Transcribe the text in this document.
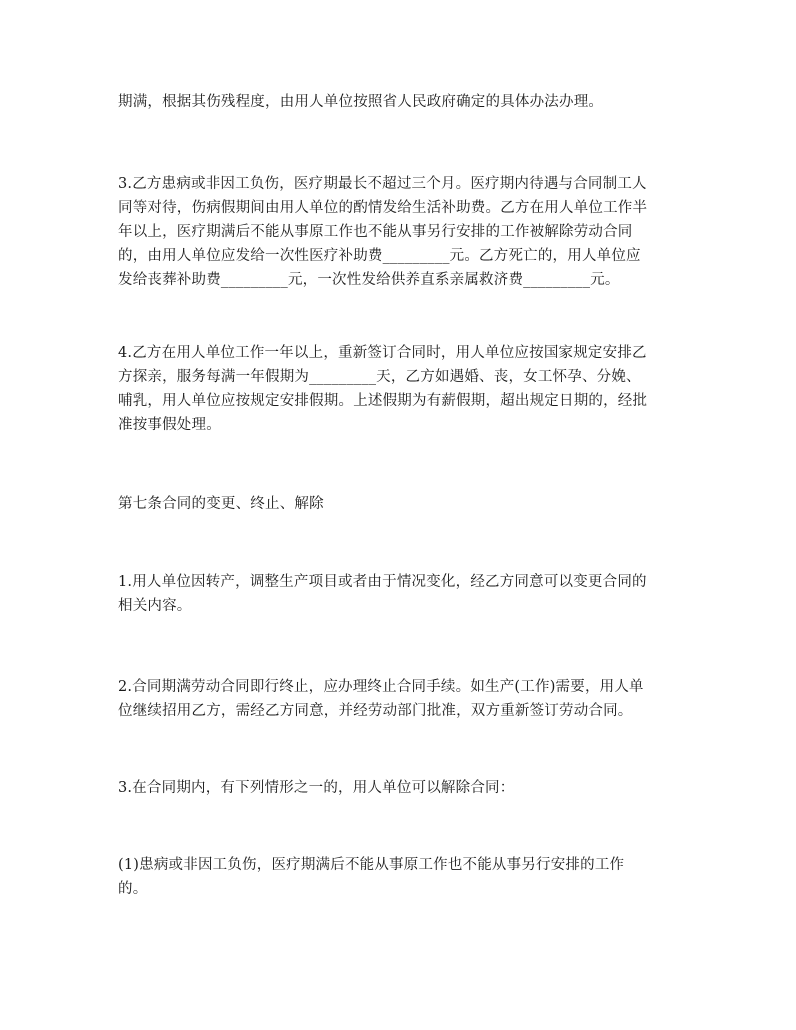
期满，根据其伤残程度，由用人单位按照省人民政府确定的具体办法办理。

3.乙方患病或非因工负伤，医疗期最长不超过三个月。医疗期内待遇与合同制工人
同等对待，伤病假期间由用人单位的酌情发给生活补助费。乙方在用人单位工作半
年以上，医疗期满后不能从事原工作也不能从事另行安排的工作被解除劳动合同
的，由用人单位应发给一次性医疗补助费_________元。乙方死亡的，用人单位应
发给丧葬补助费_________元，一次性发给供养直系亲属救济费_________元。

4.乙方在用人单位工作一年以上，重新签订合同时，用人单位应按国家规定安排乙
方探亲，服务每满一年假期为_________天，乙方如遇婚、丧，女工怀孕、分娩、
哺乳，用人单位应按规定安排假期。上述假期为有薪假期，超出规定日期的，经批
准按事假处理。

第七条合同的变更、终止、解除

1.用人单位因转产，调整生产项目或者由于情况变化，经乙方同意可以变更合同的
相关内容。

2.合同期满劳动合同即行终止，应办理终止合同手续。如生产(工作)需要，用人单
位继续招用乙方，需经乙方同意，并经劳动部门批准，双方重新签订劳动合同。

3.在合同期内，有下列情形之一的，用人单位可以解除合同：

(1)患病或非因工负伤，医疗期满后不能从事原工作也不能从事另行安排的工作
的。
